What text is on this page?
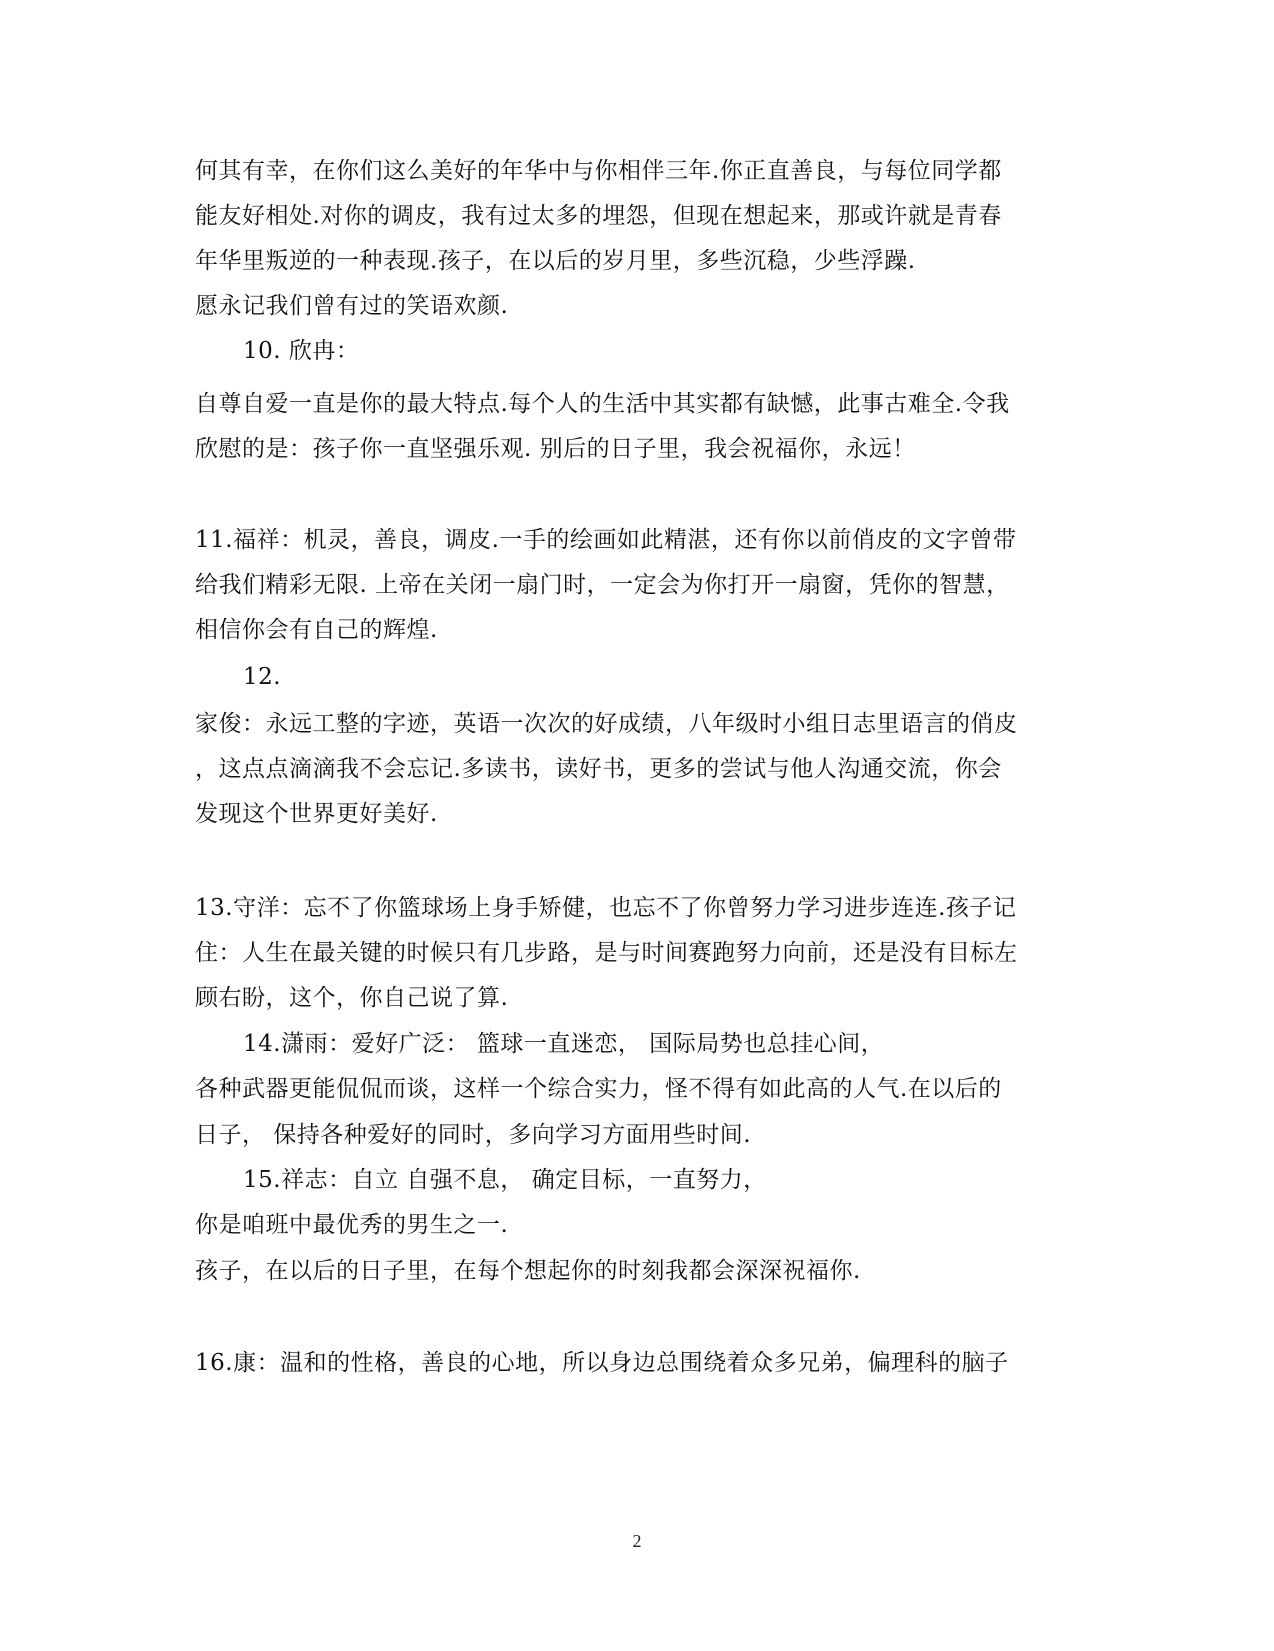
何其有幸，在你们这么美好的年华中与你相伴三年.你正直善良，与每位同学都
能友好相处.对你的调皮，我有过太多的埋怨，但现在想起来，那或许就是青春
年华里叛逆的一种表现.孩子，在以后的岁月里，多些沉稳，少些浮躁.
愿永记我们曾有过的笑语欢颜.
10. 欣冉：
自尊自爱一直是你的最大特点.每个人的生活中其实都有缺憾，此事古难全.令我
欣慰的是：孩子你一直坚强乐观. 别后的日子里，我会祝福你，永远！
11.福祥：机灵，善良，调皮.一手的绘画如此精湛，还有你以前俏皮的文字曾带
给我们精彩无限. 上帝在关闭一扇门时，一定会为你打开一扇窗，凭你的智慧，
相信你会有自己的辉煌.
12.
家俊：永远工整的字迹，英语一次次的好成绩，八年级时小组日志里语言的俏皮
，这点点滴滴我不会忘记.多读书，读好书，更多的尝试与他人沟通交流，你会
发现这个世界更好美好.
13.守洋：忘不了你篮球场上身手矫健，也忘不了你曾努力学习进步连连.孩子记
住：人生在最关键的时候只有几步路，是与时间赛跑努力向前，还是没有目标左
顾右盼，这个，你自己说了算.
14.潇雨：爱好广泛： 篮球一直迷恋， 国际局势也总挂心间，
各种武器更能侃侃而谈，这样一个综合实力，怪不得有如此高的人气.在以后的
日子， 保持各种爱好的同时，多向学习方面用些时间.
15.祥志：自立 自强不息， 确定目标，一直努力，
你是咱班中最优秀的男生之一.
孩子，在以后的日子里，在每个想起你的时刻我都会深深祝福你.
16.康：温和的性格，善良的心地，所以身边总围绕着众多兄弟，偏理科的脑子
2
